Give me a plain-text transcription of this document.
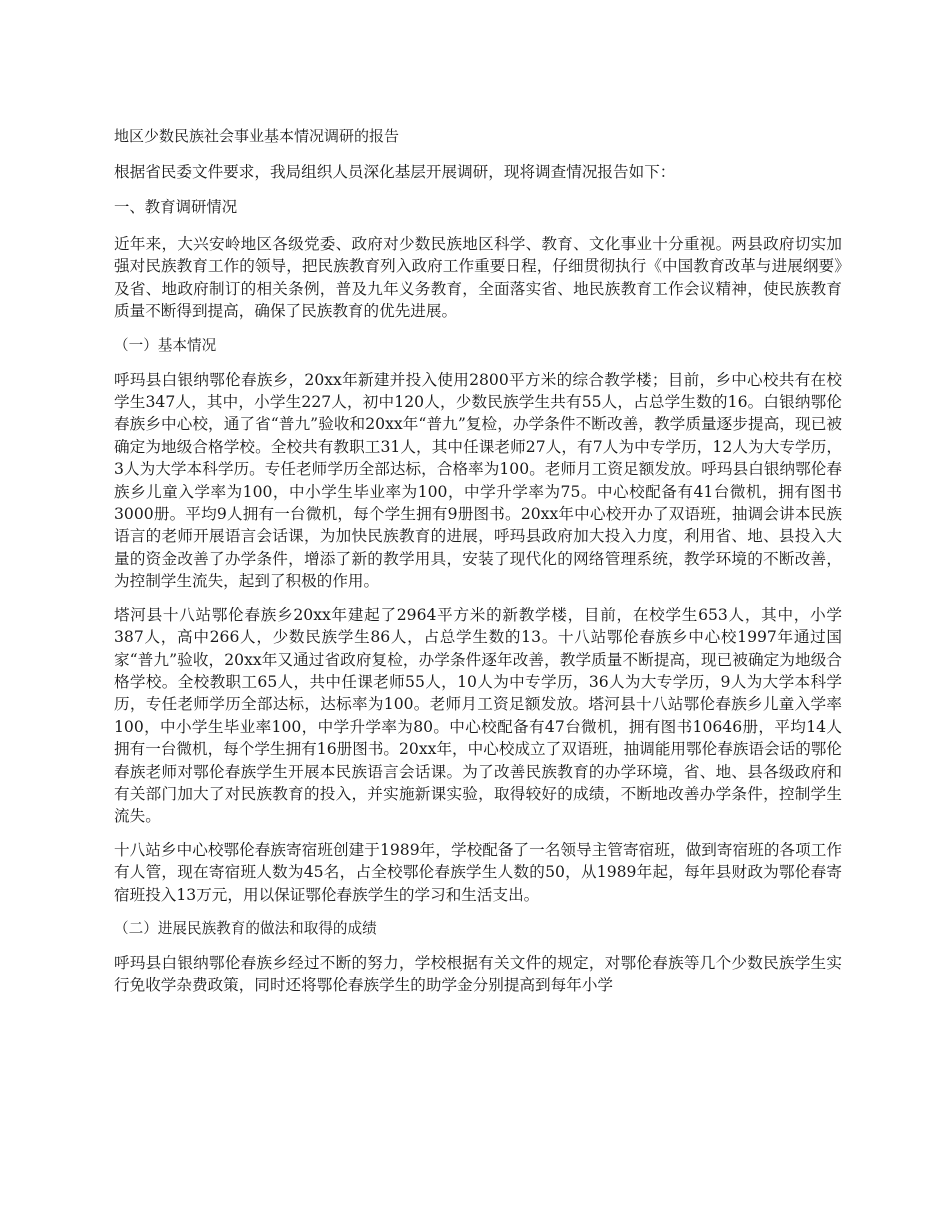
地区少数民族社会事业基本情况调研的报告

根据省民委文件要求，我局组织人员深化基层开展调研，现将调查情况报告如下：

一、教育调研情况

近年来，大兴安岭地区各级党委、政府对少数民族地区科学、教育、文化事业十分重视。两县政府切实加强对民族教育工作的领导，把民族教育列入政府工作重要日程，仔细贯彻执行《中国教育改革与进展纲要》及省、地政府制订的相关条例，普及九年义务教育，全面落实省、地民族教育工作会议精神，使民族教育质量不断得到提高，确保了民族教育的优先进展。

（一）基本情况

呼玛县白银纳鄂伦春族乡，20xx年新建并投入使用2800平方米的综合教学楼；目前，乡中心校共有在校学生347人，其中，小学生227人，初中120人，少数民族学生共有55人，占总学生数的16。白银纳鄂伦春族乡中心校，通了省“普九”验收和20xx年“普九”复检，办学条件不断改善，教学质量逐步提高，现已被确定为地级合格学校。全校共有教职工31人，其中任课老师27人，有7人为中专学历，12人为大专学历，3人为大学本科学历。专任老师学历全部达标，合格率为100。老师月工资足额发放。呼玛县白银纳鄂伦春族乡儿童入学率为100，中小学生毕业率为100，中学升学率为75。中心校配备有41台微机，拥有图书3000册。平均9人拥有一台微机，每个学生拥有9册图书。20xx年中心校开办了双语班，抽调会讲本民族语言的老师开展语言会话课，为加快民族教育的进展，呼玛县政府加大投入力度，利用省、地、县投入大量的资金改善了办学条件，增添了新的教学用具，安装了现代化的网络管理系统，教学环境的不断改善，为控制学生流失，起到了积极的作用。

塔河县十八站鄂伦春族乡20xx年建起了2964平方米的新教学楼，目前，在校学生653人，其中，小学387人，高中266人，少数民族学生86人，占总学生数的13。十八站鄂伦春族乡中心校1997年通过国家“普九”验收，20xx年又通过省政府复检，办学条件逐年改善，教学质量不断提高，现已被确定为地级合格学校。全校教职工65人，共中任课老师55人，10人为中专学历，36人为大专学历，9人为大学本科学历，专任老师学历全部达标，达标率为100。老师月工资足额发放。塔河县十八站鄂伦春族乡儿童入学率100，中小学生毕业率100，中学升学率为80。中心校配备有47台微机，拥有图书10646册，平均14人拥有一台微机，每个学生拥有16册图书。20xx年，中心校成立了双语班，抽调能用鄂伦春族语会话的鄂伦春族老师对鄂伦春族学生开展本民族语言会话课。为了改善民族教育的办学环境，省、地、县各级政府和有关部门加大了对民族教育的投入，并实施新课实验，取得较好的成绩，不断地改善办学条件，控制学生流失。

十八站乡中心校鄂伦春族寄宿班创建于1989年，学校配备了一名领导主管寄宿班，做到寄宿班的各项工作有人管，现在寄宿班人数为45名，占全校鄂伦春族学生人数的50，从1989年起，每年县财政为鄂伦春寄宿班投入13万元，用以保证鄂伦春族学生的学习和生活支出。

（二）进展民族教育的做法和取得的成绩

呼玛县白银纳鄂伦春族乡经过不断的努力，学校根据有关文件的规定，对鄂伦春族等几个少数民族学生实行免收学杂费政策，同时还将鄂伦春族学生的助学金分别提高到每年小学
